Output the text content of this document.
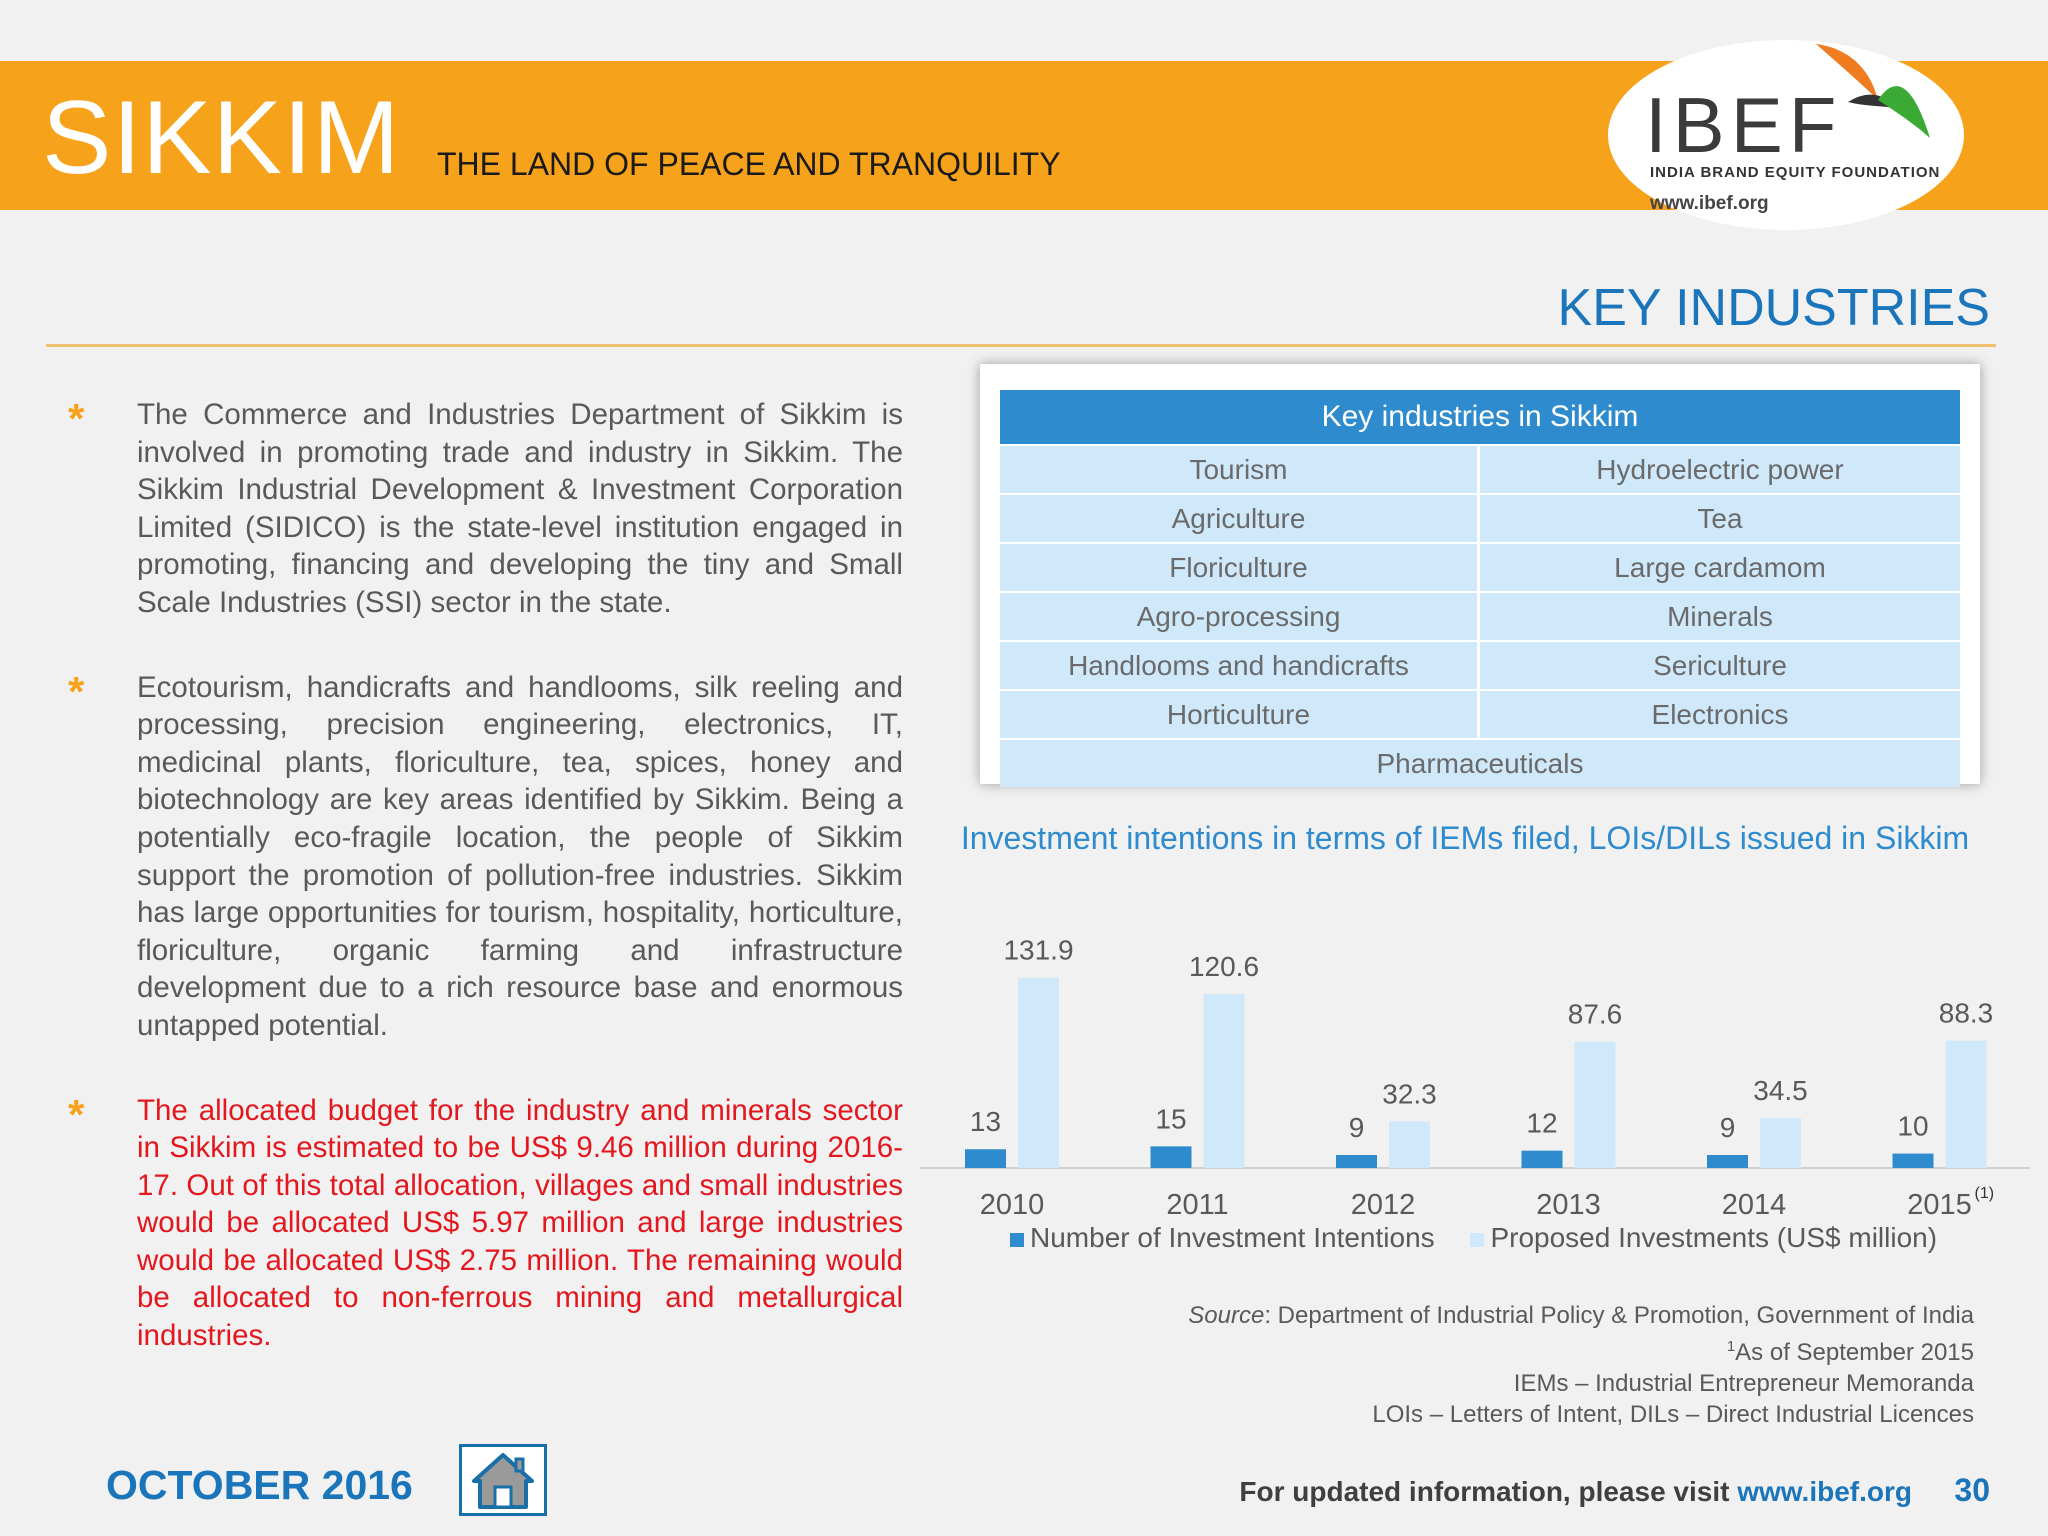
SIKKIM THE LAND OF PEACE AND TRANQUILITY	IBEF
INDIA BRAND EQUITY FOUNDATION
www.ibef.org
KEY INDUSTRIES
* The Commerce and Industries Department of Sikkim is involved in promoting trade and industry in Sikkim. The Sikkim Industrial Development & Investment Corporation Limited (SIDICO) is the state-level institution engaged in promoting, financing and developing the tiny and Small Scale Industries (SSI) sector in the state.
* Ecotourism, handicrafts and handlooms, silk reeling and processing, precision engineering, electronics, IT, medicinal plants, floriculture, tea, spices, honey and biotechnology are key areas identified by Sikkim. Being a potentially eco-fragile location, the people of Sikkim support the promotion of pollution-free industries. Sikkim has large opportunities for tourism, hospitality, horticulture, floriculture, organic farming and infrastructure development due to a rich resource base and enormous untapped potential.
* The allocated budget for the industry and minerals sector in Sikkim is estimated to be US$ 9.46 million during 2016-17. Out of this total allocation, villages and small industries would be allocated US$ 5.97 million and large industries would be allocated US$ 2.75 million. The remaining would be allocated to non-ferrous mining and metallurgical industries.
Key industries in Sikkim	
Tourism	Hydroelectric power
Agriculture	Tea
Floriculture	Large cardamom
Agro-processing	Minerals
Handlooms and handicrafts	Sericulture
Horticulture	Electronics
Pharmaceuticals	
Investment intentions in terms of IEMs filed, LOIs/DILs issued in Sikkim
13
131.9
2010
15
120.6
2011
9
32.3
2012
12
87.6
2013
9
34.5
2014
10
88.3
2015 (1)
Number of Investment Intentions Proposed Investments (US$ million)
Source: Department of Industrial Policy & Promotion, Government of India
$^1$As of September 2015
IEMs – Industrial Entrepreneur Memoranda
LOIs – Letters of Intent, DILs – Direct Industrial Licences
OCTOBER 2016	For updated information, please visit www.ibef.org 30
